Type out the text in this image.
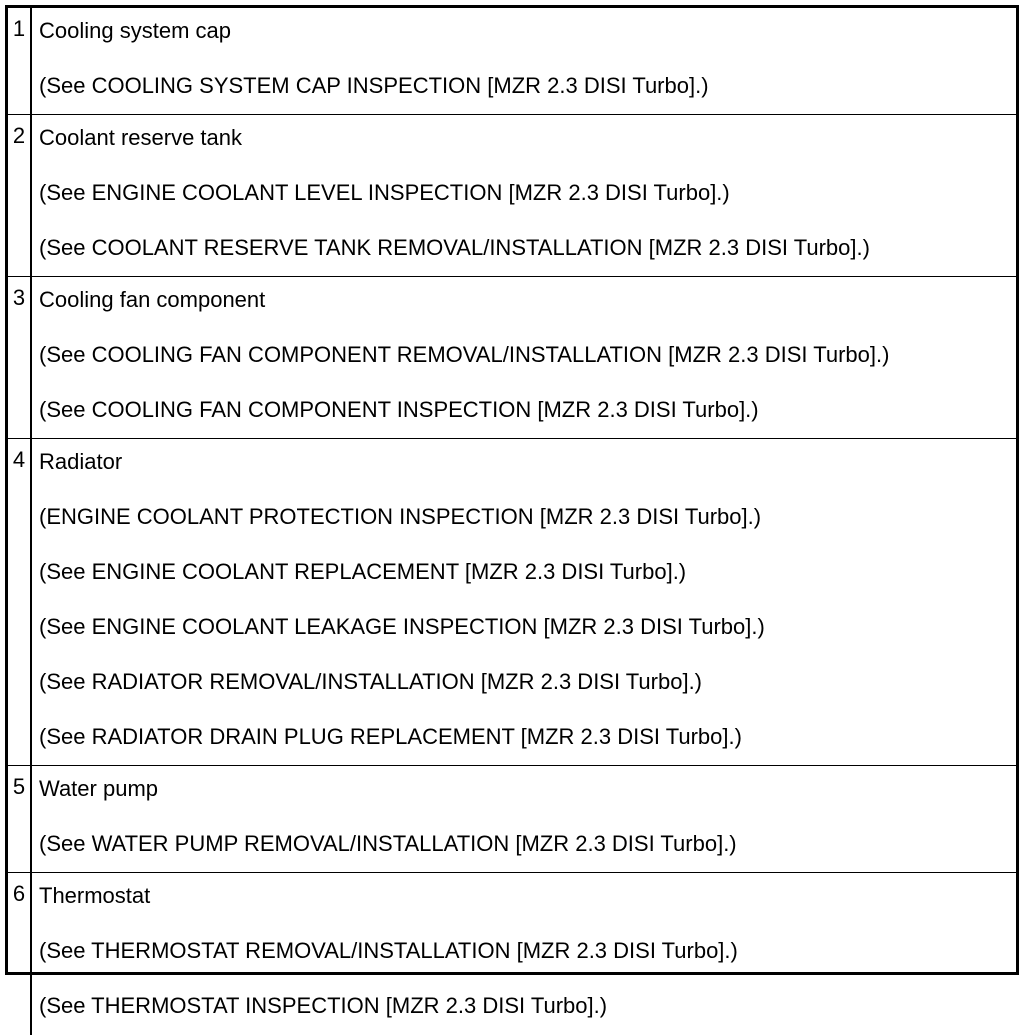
1 Cooling system cap
(See COOLING SYSTEM CAP INSPECTION [MZR 2.3 DISI Turbo].)
2 Coolant reserve tank
(See ENGINE COOLANT LEVEL INSPECTION [MZR 2.3 DISI Turbo].)
(See COOLANT RESERVE TANK REMOVAL/INSTALLATION [MZR 2.3 DISI Turbo].)
3 Cooling fan component
(See COOLING FAN COMPONENT REMOVAL/INSTALLATION [MZR 2.3 DISI Turbo].)
(See COOLING FAN COMPONENT INSPECTION [MZR 2.3 DISI Turbo].)
4 Radiator
(ENGINE COOLANT PROTECTION INSPECTION [MZR 2.3 DISI Turbo].)
(See ENGINE COOLANT REPLACEMENT [MZR 2.3 DISI Turbo].)
(See ENGINE COOLANT LEAKAGE INSPECTION [MZR 2.3 DISI Turbo].)
(See RADIATOR REMOVAL/INSTALLATION [MZR 2.3 DISI Turbo].)
(See RADIATOR DRAIN PLUG REPLACEMENT [MZR 2.3 DISI Turbo].)
5 Water pump
(See WATER PUMP REMOVAL/INSTALLATION [MZR 2.3 DISI Turbo].)
6 Thermostat
(See THERMOSTAT REMOVAL/INSTALLATION [MZR 2.3 DISI Turbo].)
(See THERMOSTAT INSPECTION [MZR 2.3 DISI Turbo].)
